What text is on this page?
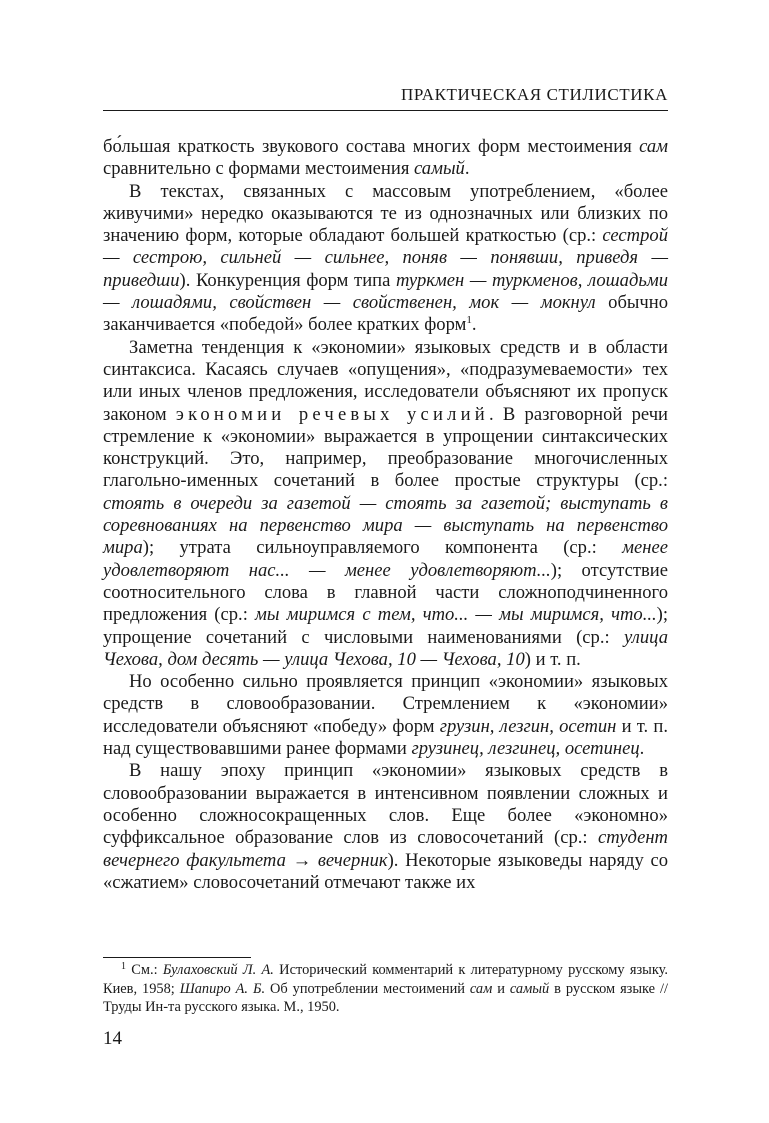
ПРАКТИЧЕСКАЯ СТИЛИСТИКА

бо́льшая краткость звукового состава многих форм местоимения сам сравнительно с формами местоимения самый.

В текстах, связанных с массовым употреблением, «более живучими» нередко оказываются те из однозначных или близких по значению форм, которые обладают большей краткостью (ср.: сестрой — сестрою, сильней — сильнее, поняв — понявши, приведя — приведши). Конкуренция форм типа туркмен — туркменов, лошадьми — лошадями, свойствен — свойственен, мок — мокнул обычно заканчивается «победой» более кратких форм$^1$.

Заметна тенденция к «экономии» языковых средств и в области синтаксиса. Касаясь случаев «опущения», «подразумеваемости» тех или иных членов предложения, исследователи объясняют их пропуск законом экономии речевых усилий. В разговорной речи стремление к «экономии» выражается в упрощении синтаксических конструкций. Это, например, преобразование многочисленных глагольно-именных сочетаний в более простые структуры (ср.: стоять в очереди за газетой — стоять за газетой; выступать в соревнованиях на первенство мира — выступать на первенство мира); утрата сильноуправляемого компонента (ср.: менее удовлетворяют нас... — менее удовлетворяют...); отсутствие соотносительного слова в главной части сложноподчиненного предложения (ср.: мы миримся с тем, что... — мы миримся, что...); упрощение сочетаний с числовыми наименованиями (ср.: улица Чехова, дом десять — улица Чехова, 10 — Чехова, 10) и т. п.

Но особенно сильно проявляется принцип «экономии» языковых средств в словообразовании. Стремлением к «экономии» исследователи объясняют «победу» форм грузин, лезгин, осетин и т. п. над существовавшими ранее формами грузинец, лезгинец, осетинец.

В нашу эпоху принцип «экономии» языковых средств в словообразовании выражается в интенсивном появлении сложных и особенно сложносокращенных слов. Еще более «экономно» суффиксальное образование слов из словосочетаний (ср.: студент вечернего факультета → вечерник). Некоторые языковеды наряду со «сжатием» словосочетаний отмечают также их

$^1$ См.: Булаховский Л. А. Исторический комментарий к литературному русскому языку. Киев, 1958; Шапиро А. Б. Об употреблении местоимений сам и самый в русском языке // Труды Ин-та русского языка. М., 1950.

14
